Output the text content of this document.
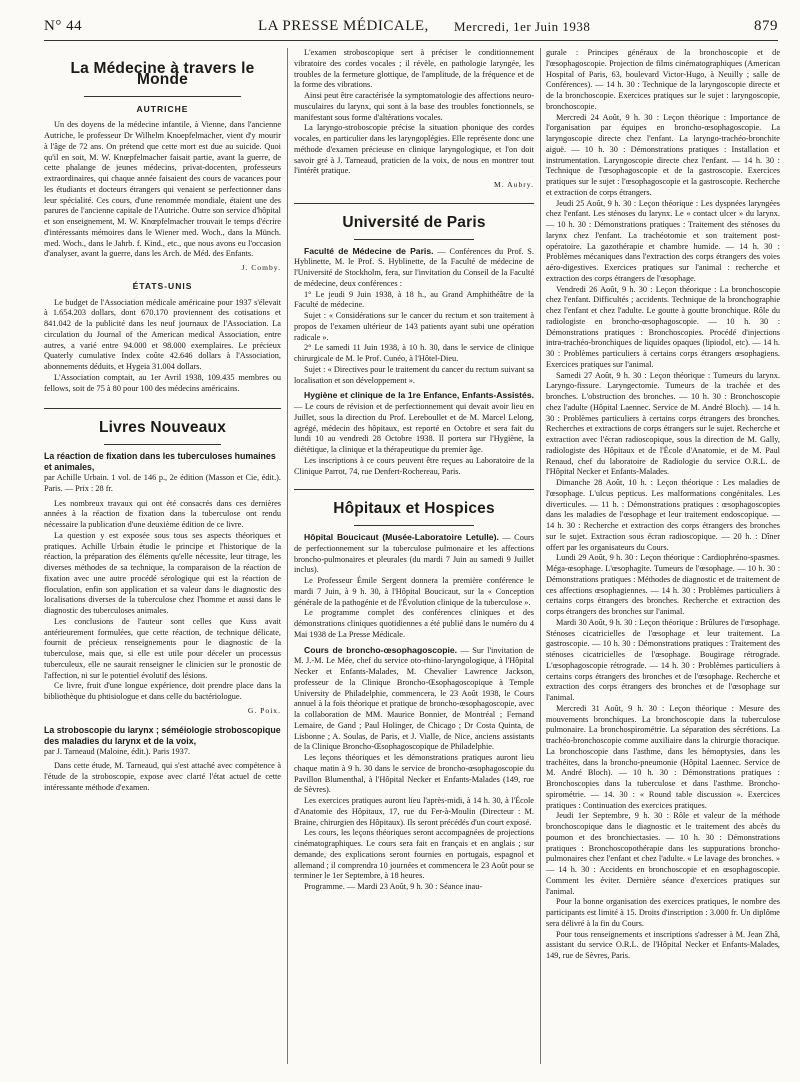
N° 44	LA PRESSE MÉDICALE, Mercredi, 1er Juin 1938	879
La Médecine à travers le Monde
AUTRICHE

Un des doyens de la médecine infantile, à Vienne, dans l'ancienne Autriche, le professeur Dr Wilhelm Knoepfelmacher, vient d'y mourir à l'âge de 72 ans. On prétend que cette mort est due au suicide. Quoi qu'il en soit, M. W. Knœpfelmacher faisait partie, avant la guerre, de cette phalange de jeunes médecins, privat-docenten, professeurs extraordinaires, qui chaque année faisaient des cours de vacances pour les étudiants et docteurs étrangers qui venaient se perfectionner dans leur spécialité. Ces cours, d'une renommée mondiale, étaient une des parures de l'ancienne capitale de l'Autriche. Outre son service d'hôpital et son enseignement, M. W. Knœpfelmacher trouvait le temps d'écrire d'intéressants mémoires dans le Wiener med. Woch., dans la Münch. med. Woch., dans le Jahrb. f. Kind., etc., que nous avons eu l'occasion d'analyser, avant la guerre, dans les Arch. de Méd. des Enfants.

J. Comby.
ÉTATS-UNIS

Le budget de l'Association médicale américaine pour 1937 s'élevait à 1.654.203 dollars, dont 670.170 proviennent des cotisations et 841.042 de la publicité dans les neuf journaux de l'Association. La circulation du Journal of the American medical Association, entre autres, a varié entre 94.000 et 98.000 exemplaires. Le précieux Quaterly cumulative Index coûte 42.646 dollars à l'Association, abonnements déduits, et Hygeia 31.004 dollars.

L'Association comptait, au 1er Avril 1938, 109.435 membres ou fellows, soit de 75 à 80 pour 100 des médecins américains.

Livres Nouveaux
La réaction de fixation dans les tuberculoses humaines et animales,

par Achille Urbain. 1 vol. de 146 p., 2e édition (Masson et Cie, édit.). Paris. — Prix : 28 fr.

Les nombreux travaux qui ont été consacrés dans ces dernières années à la réaction de fixation dans la tuberculose ont rendu nécessaire la publication d'une deuxième édition de ce livre.

La question y est exposée sous tous ses aspects théoriques et pratiques. Achille Urbain étudie le principe et l'historique de la réaction, la préparation des éléments qu'elle nécessite, leur titrage, les diverses méthodes de sa technique, la comparaison de la réaction de fixation avec une autre procédé sérologique qui est la réaction de floculation, enfin son application et sa valeur dans le diagnostic des localisations diverses de la tuberculose chez l'homme et aussi dans le diagnostic des tuberculoses animales.

Les conclusions de l'auteur sont celles que Kuss avait antérieurement formulées, que cette réaction, de technique délicate, fournit de précieux renseignements pour le diagnostic de la tuberculose, mais que, si elle est utile pour déceler un processus tuberculeux, elle ne saurait renseigner le clinicien sur le pronostic de l'affection, ni sur le potentiel évolutif des lésions.

Ce livre, fruit d'une longue expérience, doit prendre place dans la bibliothèque du phtisiologue et dans celle du bactériologue.

G. Poix.
La stroboscopie du larynx ; séméiologie stroboscopique des maladies du larynx et de la voix,

par J. Tarneaud (Maloine, édit.). Paris 1937.

Dans cette étude, M. Tarneaud, qui s'est attaché avec compétence à l'étude de la stroboscopie, expose avec clarté l'état actuel de cette intéressante méthode d'examen.

L'examen stroboscopique sert à préciser le conditionnement vibratoire des cordes vocales ; il révèle, en pathologie laryngée, les troubles de la fermeture glottique, de l'amplitude, de la fréquence et de la forme des vibrations.

Ainsi peut être caractérisée la symptomatologie des affections neuro-musculaires du larynx, qui sont à la base des troubles fonctionnels, se manifestant sous forme d'altérations vocales.

La laryngo-stroboscopie précise la situation phonique des cordes vocales, en particulier dans les laryngoplégies. Elle représente donc une méthode d'examen précieuse en clinique laryngologique, et l'on doit savoir gré à J. Tarneaud, praticien de la voix, de nous en montrer tout l'intérêt pratique.

M. Aubry.
Université de Paris

Faculté de Médecine de Paris. — Conférences du Prof. S. Hyblinette, M. le Prof. S. Hyblinette, de la Faculté de médecine de l'Université de Stockholm, fera, sur l'invitation du Conseil de la Faculté de médecine, deux conférences :

1° Le jeudi 9 Juin 1938, à 18 h., au Grand Amphithéâtre de la Faculté de médecine.

Sujet : « Considérations sur le cancer du rectum et son traitement à propos de l'examen ultérieur de 143 patients ayant subi une opération radicale ».

2° Le samedi 11 Juin 1938, à 10 h. 30, dans le service de clinique chirurgicale de M. le Prof. Cunéo, à l'Hôtel-Dieu.

Sujet : « Directives pour le traitement du cancer du rectum suivant sa localisation et son développement ».

Hygiène et clinique de la 1re Enfance, Enfants-Assistés. — Le cours de révision et de perfectionnement qui devait avoir lieu en Juillet, sous la direction du Prof. Lereboullet et de M. Marcel Lelong, agrégé, médecin des hôpitaux, est reporté en Octobre et sera fait du lundi 10 au vendredi 28 Octobre 1938. Il portera sur l'Hygiène, la diététique, la clinique et la thérapeutique du premier âge.

Les inscriptions à ce cours peuvent être reçues au Laboratoire de la Clinique Parrot, 74, rue Denfert-Rochereau, Paris.

Hôpitaux et Hospices

Hôpital Boucicaut (Musée-Laboratoire Letulle). — Cours de perfectionnement sur la tuberculose pulmonaire et les affections broncho-pulmonaires et pleurales (du mardi 7 Juin au samedi 9 Juillet inclus).

Le Professeur Émile Sergent donnera la première conférence le mardi 7 Juin, à 9 h. 30, à l'Hôpital Boucicaut, sur la « Conception générale de la pathogénie et de l'Évolution clinique de la tuberculose ».

Le programme complet des conférences cliniques et des démonstrations cliniques quotidiennes a été publié dans le numéro du 4 Mai 1938 de La Presse Médicale.

Cours de broncho-œsophagoscopie. — Sur l'invitation de M. J.-M. Le Mée, chef du service oto-rhino-laryngologique, à l'Hôpital Necker et Enfants-Malades, M. Chevalier Lawrence Jackson, professeur de la Clinique Broncho-Œsophagoscopique à Temple University de Philadelphie, commencera, le 23 Août 1938, le Cours annuel à la fois théorique et pratique de broncho-œsophagoscopie, avec la collaboration de MM. Maurice Bonnier, de Montréal ; Fernand Lemaire, de Gand ; Paul Holinger, de Chicago ; Dr Costa Quinta, de Lisbonne ; A. Soulas, de Paris, et J. Vialle, de Nice, anciens assistants de la Clinique Broncho-Œsophagoscopique de Philadelphie.

Les leçons théoriques et les démonstrations pratiques auront lieu chaque matin à 9 h. 30 dans le service de broncho-œsophagoscopie du Pavillon Blumenthal, à l'Hôpital Necker et Enfants-Malades (149, rue de Sèvres).

Les exercices pratiques auront lieu l'après-midi, à 14 h. 30, à l'École d'Anatomie des Hôpitaux, 17, rue du Fer-à-Moulin (Directeur : M. Braine, chirurgien des Hôpitaux). Ils seront précédés d'un court exposé.

Les cours, les leçons théoriques seront accompagnées de projections cinématographiques. Le cours sera fait en français et en anglais ; sur demande, des explications seront fournies en portugais, espagnol et allemand ; il comprendra 10 journées et commencera le 23 Août pour se terminer le 1er Septembre, à 18 heures.

Programme. — Mardi 23 Août, 9 h. 30 : Séance inau-

gurale : Principes généraux de la bronchoscopie et de l'œsophagoscopie. Projection de films cinématographiques (American Hospital of Paris, 63, boulevard Victor-Hugo, à Neuilly ; salle de Conférences). — 14 h. 30 : Technique de la laryngoscopie directe et de la bronchoscopie. Exercices pratiques sur le sujet : laryngoscopie, bronchoscopie.

Mercredi 24 Août, 9 h. 30 : Leçon théorique : Importance de l'organisation par équipes en broncho-œsophagoscopie. La laryngoscopie directe chez l'enfant. La laryngo-trachéo-bronchite aiguë. — 10 h. 30 : Démonstrations pratiques : Installation et instrumentation. Laryngoscopie directe chez l'enfant. — 14 h. 30 : Technique de l'œsophagoscopie et de la gastroscopie. Exercices pratiques sur le sujet : l'œsophagoscopie et la gastroscopie. Recherche et extraction de corps étrangers.

Jeudi 25 Août, 9 h. 30 : Leçon théorique : Les dyspnées laryngées chez l'enfant. Les sténoses du larynx. Le « contact ulcer » du larynx. — 10 h. 30 : Démonstrations pratiques : Traitement des sténoses du larynx chez l'enfant. La trachéotomie et son traitement post-opératoire. La gazothérapie et chambre humide. — 14 h. 30 : Problèmes mécaniques dans l'extraction des corps étrangers des voies aéro-digestives. Exercices pratiques sur l'animal : recherche et extraction des corps étrangers de l'œsophage.

Vendredi 26 Août, 9 h. 30 : Leçon théorique : La bronchoscopie chez l'enfant. Difficultés ; accidents. Technique de la bronchographie chez l'enfant et chez l'adulte. Le goutte à goutte bronchique. Rôle du radiologiste en broncho-œsophagoscopie. — 10 h. 30 : Démonstrations pratiques : Bronchoscopies. Procédé d'injections intra-trachéo-bronchiques de liquides opaques (lipiodol, etc). — 14 h. 30 : Problèmes particuliers à certains corps étrangers œsophagiens. Exercices pratiques sur l'animal.

Samedi 27 Août, 9 h. 30 : Leçon théorique : Tumeurs du larynx. Laryngo-fissure. Laryngectomie. Tumeurs de la trachée et des bronches. L'obstruction des bronches. — 10 h. 30 : Bronchoscopie chez l'adulte (Hôpital Laennec. Service de M. André Bloch). — 14 h. 30 : Problèmes particuliers à certains corps étrangers des bronches. Recherches et extractions de corps étrangers sur le sujet. Recherche et extraction avec l'écran radioscopique, sous la direction de M. Gally, radiologiste des Hôpitaux et de l'École d'Anatomie, et de M. Paul Renaud, chef du laboratoire de Radiologie du service O.R.L. de l'Hôpital Necker et Enfants-Malades.

Dimanche 28 Août, 10 h. : Leçon théorique : Les maladies de l'œsophage. L'ulcus pepticus. Les malformations congénitales. Les diverticules. — 11 h. : Démonstrations pratiques : œsophagoscopies dans les maladies de l'œsophage et leur traitement endoscopique. — 14 h. 30 : Recherche et extraction des corps étrangers des bronches sur le sujet. Extraction sous écran radioscopique. — 20 h. : Dîner offert par les organisateurs du Cours.

Lundi 29 Août, 9 h. 30 : Leçon théorique : Cardiophréno-spasmes. Méga-œsophage. L'œsophagite. Tumeurs de l'œsophage. — 10 h. 30 : Démonstrations pratiques : Méthodes de diagnostic et de traitement de ces affections œsophagiennes. — 14 h. 30 : Problèmes particuliers à certains corps étrangers des bronches. Recherche et extraction des corps étrangers des bronches sur l'animal.

Mardi 30 Août, 9 h. 30 : Leçon théorique : Brûlures de l'œsophage. Sténoses cicatricielles de l'œsophage et leur traitement. La gastroscopie. — 10 h. 30 : Démonstrations pratiques : Traitement des sténoses cicatricielles de l'œsophage. Bougirage rétrograde. L'œsophagoscopie rétrograde. — 14 h. 30 : Problèmes particuliers à certains corps étrangers des bronches et de l'œsophage. Recherche et extraction des corps étrangers des bronches et de l'œsophage sur l'animal.

Mercredi 31 Août, 9 h. 30 : Leçon théorique : Mesure des mouvements bronchiques. La bronchoscopie dans la tuberculose pulmonaire. La bronchospirométrie. La séparation des sécrétions. La trachéo-bronchoscopie comme auxiliaire dans la chirurgie thoracique. La bronchoscopie dans l'asthme, dans les hémoptysies, dans les trachéites, dans la broncho-pneumonie (Hôpital Laennec. Service de M. André Bloch). — 10 h. 30 : Démonstrations pratiques : Bronchoscopies dans la tuberculose et dans l'asthme. Broncho-spirométrie. — 14. 30 : « Round table discussion ». Exercices pratiques : Continuation des exercices pratiques.

Jeudi 1er Septembre, 9 h. 30 : Rôle et valeur de la méthode bronchoscopique dans le diagnostic et le traitement des abcès du poumon et des bronchiectasies. — 10 h. 30 : Démonstrations pratiques : Bronchoscopothérapie dans les suppurations broncho-pulmonaires chez l'enfant et chez l'adulte. « Le lavage des bronches. » — 14 h. 30 : Accidents en bronchoscopie et en œsophagoscopie. Comment les éviter. Dernière séance d'exercices pratiques sur l'animal.

Pour la bonne organisation des exercices pratiques, le nombre des participants est limité à 15. Droits d'inscription : 3.000 fr. Un diplôme sera délivré à la fin du Cours.

Pour tous renseignements et inscriptions s'adresser à M. Jean Zhâ, assistant du service O.R.L. de l'Hôpital Necker et Enfants-Malades, 149, rue de Sèvres, Paris.
